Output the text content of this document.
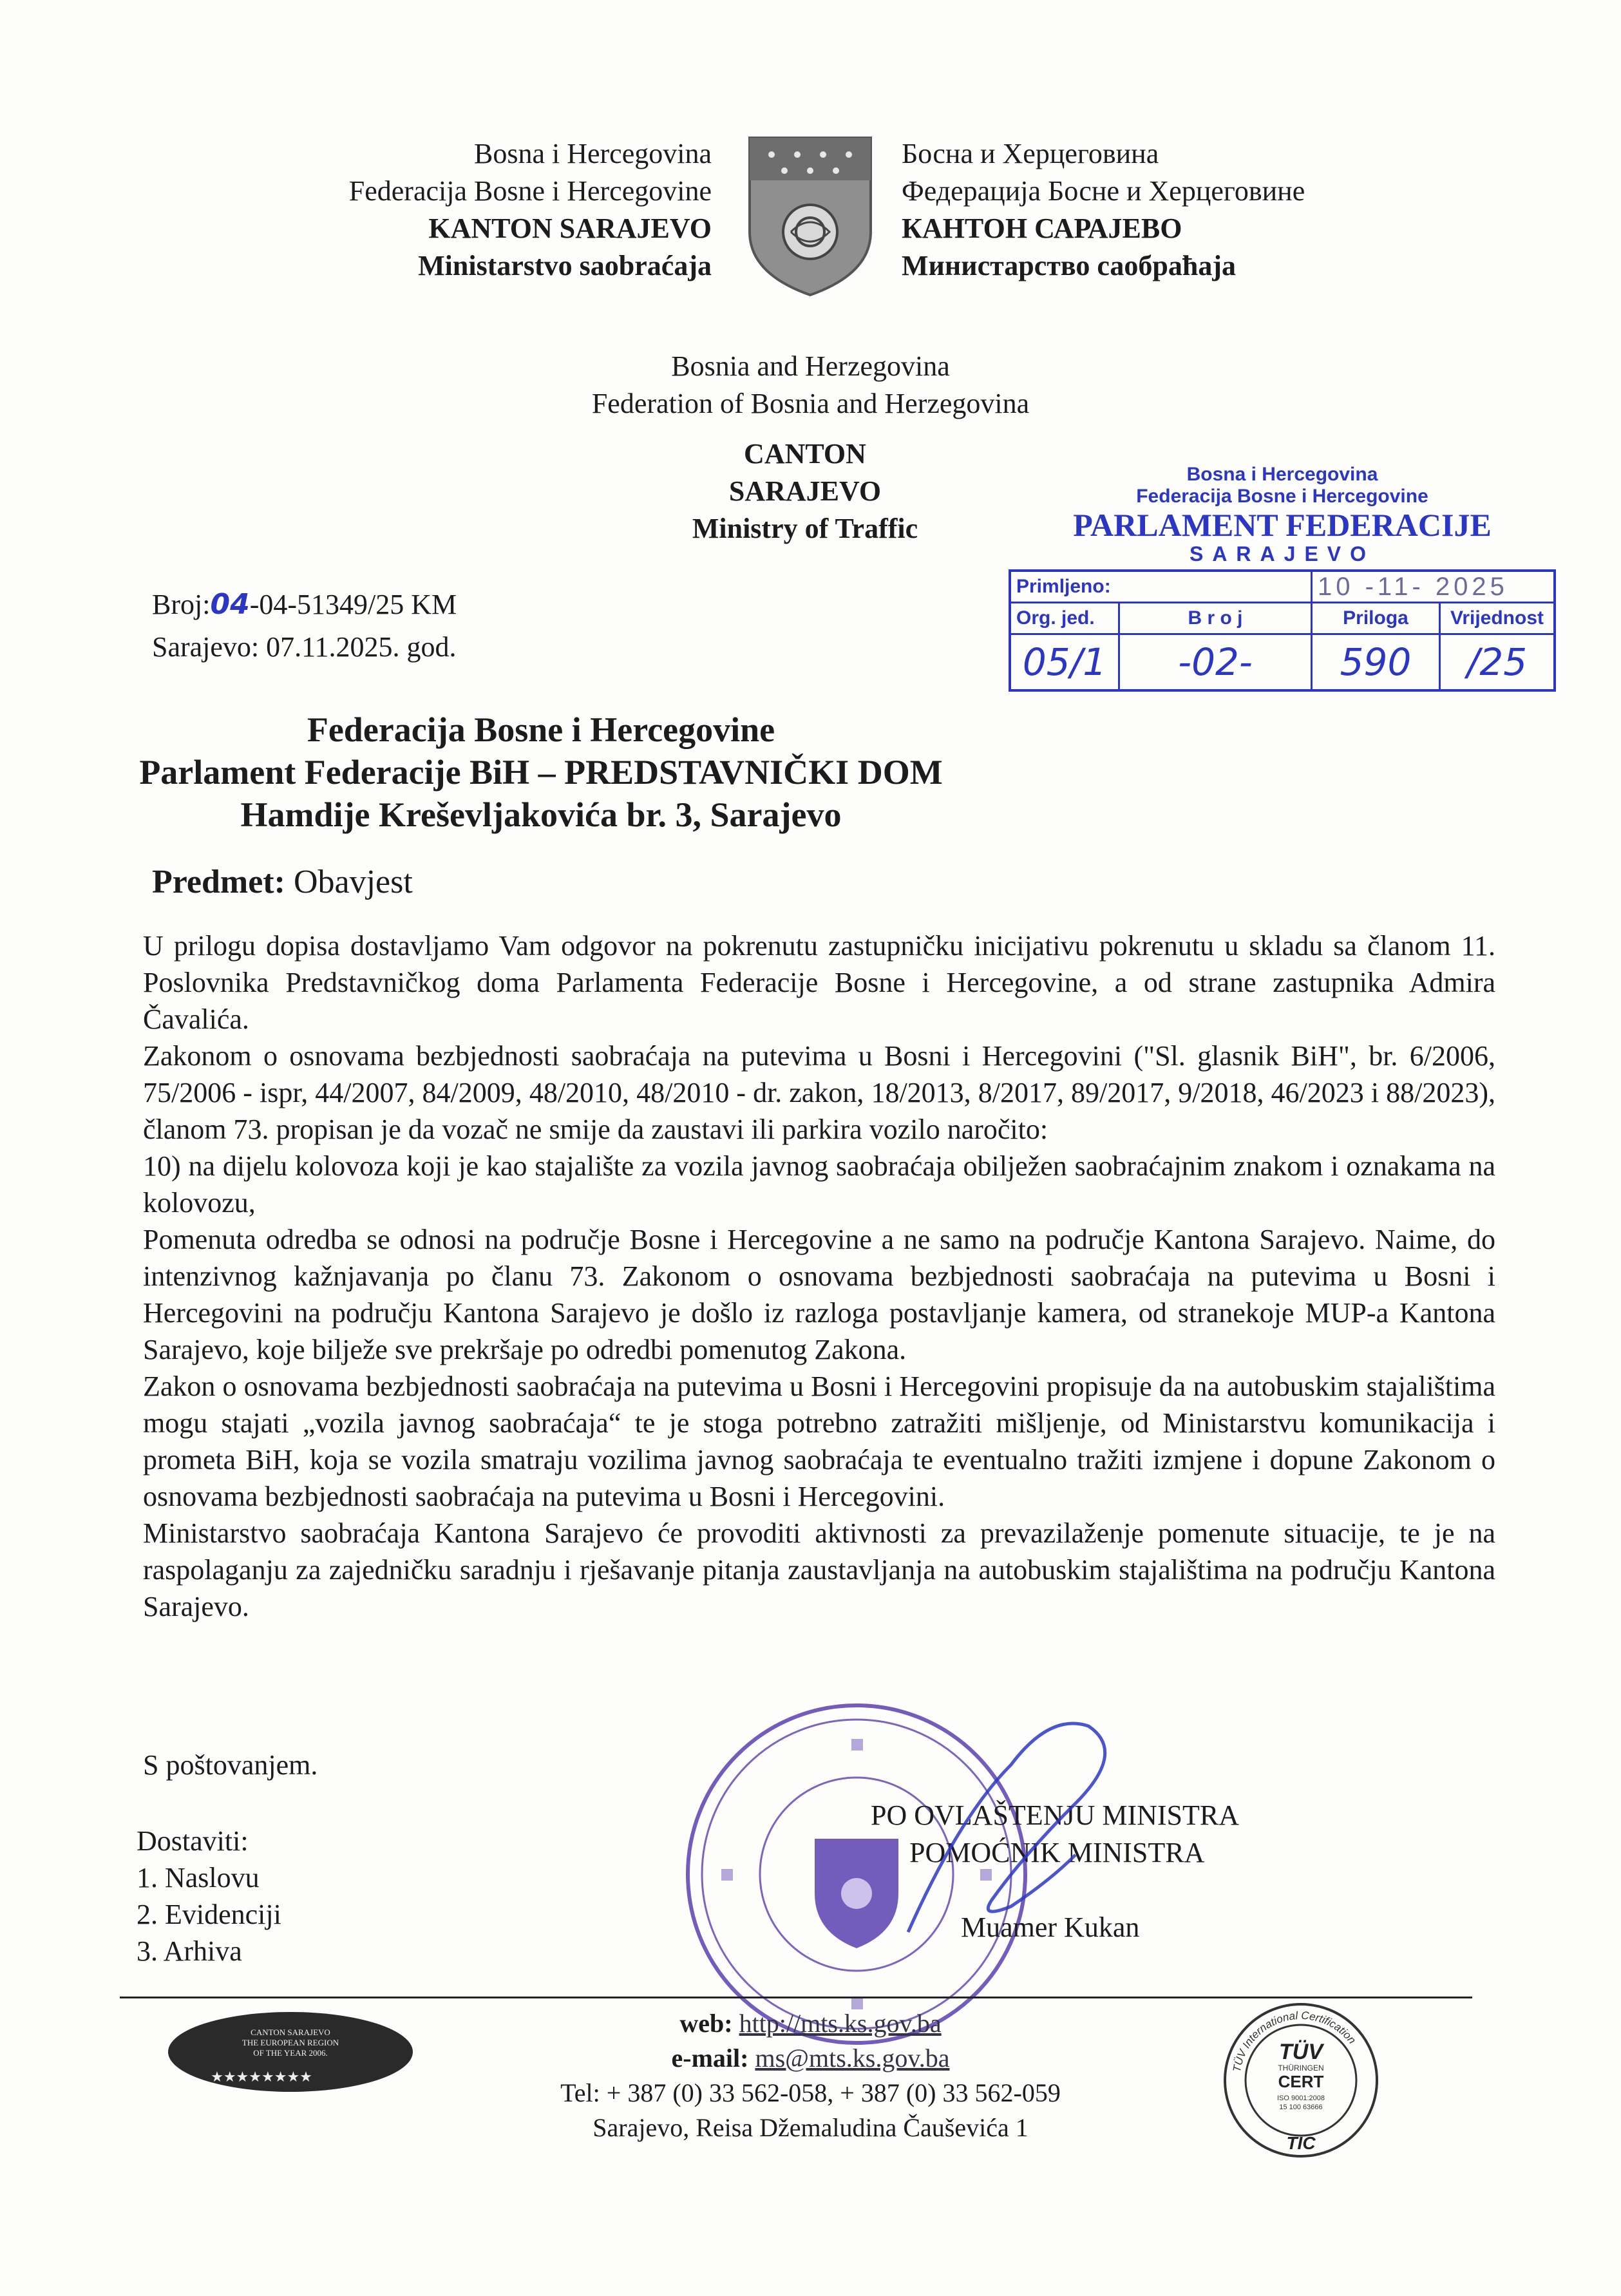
Bosna i Hercegovina
Federacija Bosne i Hercegovine
KANTON SARAJEVO
Ministarstvo saobraćaja
Босна и Херцеговина
Федерација Босне и Херцеговине
КАНТОН САРАЈЕВО
Министарство саобраћаја
Bosnia and Herzegovina
Federation of Bosnia and Herzegovina
CANTON SARAJEVO
Ministry of Traffic
Bosna i Hercegovina
Federacija Bosne i Hercegovine
PARLAMENT FEDERACIJE
SARAJEVO
Primljeno:		10 -11- 2025	
Org. jed.	B r o j	Priloga	Vrijednost
05/1	-02-	590	/25
Broj:04-04-51349/25 KM
Sarajevo: 07.11.2025. god.
Federacija Bosne i Hercegovine
Parlament Federacije BiH – PREDSTAVNIČKI DOM
Hamdije Kreševljakovića br. 3, Sarajevo
Predmet: Obavjest

U prilogu dopisa dostavljamo Vam odgovor na pokrenutu zastupničku inicijativu pokrenutu u skladu sa članom 11. Poslovnika Predstavničkog doma Parlamenta Federacije Bosne i Hercegovine, a od strane zastupnika Admira Čavalića.

Zakonom o osnovama bezbjednosti saobraćaja na putevima u Bosni i Hercegovini ("Sl. glasnik BiH", br. 6/2006, 75/2006 - ispr, 44/2007, 84/2009, 48/2010, 48/2010 - dr. zakon, 18/2013, 8/2017, 89/2017, 9/2018, 46/2023 i 88/2023), članom 73. propisan je da vozač ne smije da zaustavi ili parkira vozilo naročito:

10) na dijelu kolovoza koji je kao stajalište za vozila javnog saobraćaja obilježen saobraćajnim znakom i oznakama na kolovozu,

Pomenuta odredba se odnosi na područje Bosne i Hercegovine a ne samo na područje Kantona Sarajevo. Naime, do intenzivnog kažnjavanja po članu 73. Zakonom o osnovama bezbjednosti saobraćaja na putevima u Bosni i Hercegovini na području Kantona Sarajevo je došlo iz razloga postavljanje kamera, od stranekoje MUP-a Kantona Sarajevo, koje bilježe sve prekršaje po odredbi pomenutog Zakona.

Zakon o osnovama bezbjednosti saobraćaja na putevima u Bosni i Hercegovini propisuje da na autobuskim stajalištima mogu stajati „vozila javnog saobraćaja“ te je stoga potrebno zatražiti mišljenje, od Ministarstvu komunikacija i prometa BiH, koja se vozila smatraju vozilima javnog saobraćaja te eventualno tražiti izmjene i dopune Zakonom o osnovama bezbjednosti saobraćaja na putevima u Bosni i Hercegovini.

Ministarstvo saobraćaja Kantona Sarajevo će provoditi aktivnosti za prevazilaženje pomenute situacije, te je na raspolaganju za zajedničku saradnju i rješavanje pitanja zaustavljanja na autobuskim stajalištima na području Kantona Sarajevo.

S poštovanjem.
PO OVLAŠTENJU MINISTRA
POMOĆNIK MINISTRA
Muamer Kukan
Dostaviti:
1. Naslovu
2. Evidenciji
3. Arhiva
CANTON SARAJEVO
THE EUROPEAN REGION
OF THE YEAR 2006.
★★★★★★★★
web: http://mts.ks.gov.ba
e-mail: ms@mts.ks.gov.ba
Tel: + 387 (0) 33 562-058, + 387 (0) 33 562-059
Sarajevo, Reisa Džemaludina Čauševića 1
TÜV International Certification
TÜV
THÜRINGEN
CERT
ISO 9001:2008
15 100 63666
TIC
